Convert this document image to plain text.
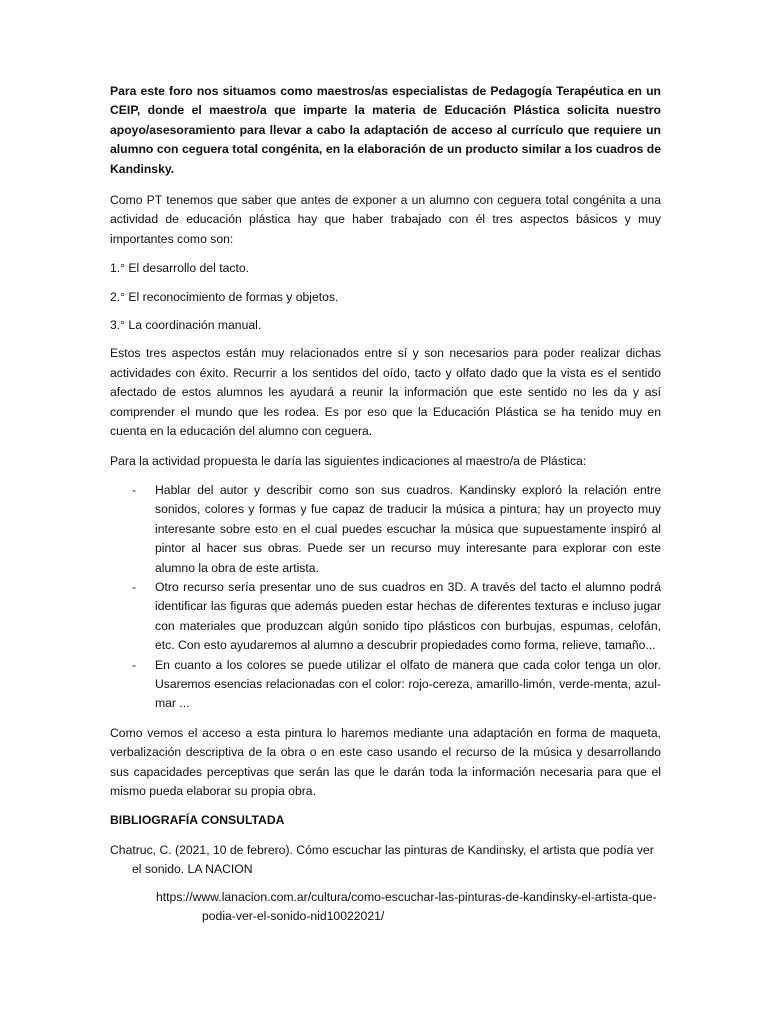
Para este foro nos situamos como maestros/as especialistas de Pedagogía Terapéutica en un CEIP, donde el maestro/a que imparte la materia de Educación Plástica solicita nuestro apoyo/asesoramiento para llevar a cabo la adaptación de acceso al currículo que requiere un alumno con ceguera total congénita, en la elaboración de un producto similar a los cuadros de Kandinsky.

Como PT tenemos que saber que antes de exponer a un alumno con ceguera total congénita a una actividad de educación plástica hay que haber trabajado con él tres aspectos básicos y muy importantes como son:

1.° El desarrollo del tacto.

2.° El reconocimiento de formas y objetos.

3.° La coordinación manual.

Estos tres aspectos están muy relacionados entre sí y son necesarios para poder realizar dichas actividades con éxito. Recurrir a los sentidos del oído, tacto y olfato dado que la vista es el sentido afectado de estos alumnos les ayudará a reunir la información que este sentido no les da y así comprender el mundo que les rodea. Es por eso que la Educación Plástica se ha tenido muy en cuenta en la educación del alumno con ceguera.

Para la actividad propuesta le daría las siguientes indicaciones al maestro/a de Plástica:

- Hablar del autor y describir como son sus cuadros. Kandinsky exploró la relación entre sonidos, colores y formas y fue capaz de traducir la música a pintura; hay un proyecto muy interesante sobre esto en el cual puedes escuchar la música que supuestamente inspiró al pintor al hacer sus obras. Puede ser un recurso muy interesante para explorar con este alumno la obra de este artista.
- Otro recurso sería presentar uno de sus cuadros en 3D. A través del tacto el alumno podrá identificar las figuras que además pueden estar hechas de diferentes texturas e incluso jugar con materiales que produzcan algún sonido tipo plásticos con burbujas, espumas, celofán, etc. Con esto ayudaremos al alumno a descubrir propiedades como forma, relieve, tamaño...
- En cuanto a los colores se puede utilizar el olfato de manera que cada color tenga un olor. Usaremos esencias relacionadas con el color: rojo-cereza, amarillo-limón, verde-menta, azul-mar ...

Como vemos el acceso a esta pintura lo haremos mediante una adaptación en forma de maqueta, verbalización descriptiva de la obra o en este caso usando el recurso de la música y desarrollando sus capacidades perceptivas que serán las que le darán toda la información necesaria para que el mismo pueda elaborar su propia obra.

BIBLIOGRAFÍA CONSULTADA

Chatruc, C. (2021, 10 de febrero). Cómo escuchar las pinturas de Kandinsky, el artista que podía ver el sonido. LA NACION

https://www.lanacion.com.ar/cultura/como-escuchar-las-pinturas-de-kandinsky-el-artista-que-podia-ver-el-sonido-nid10022021/
